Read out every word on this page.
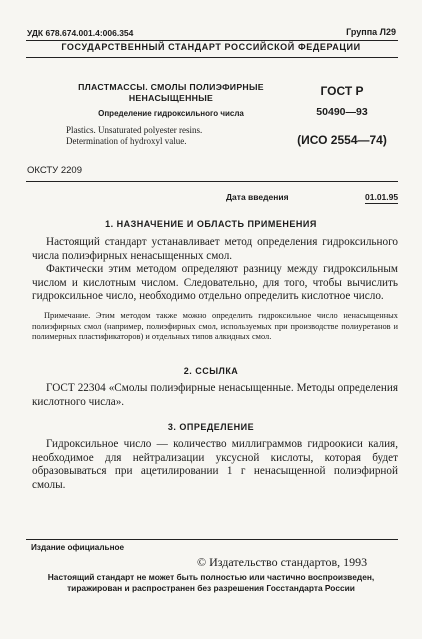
УДК 678.674.001.4:006.354	Группа Л29
ГОСУДАРСТВЕННЫЙ СТАНДАРТ РОССИЙСКОЙ ФЕДЕРАЦИИ
ПЛАСТМАССЫ. СМОЛЫ ПОЛИЭФИРНЫЕ
НЕНАСЫЩЕННЫЕ
Определение гидроксильного числа
Plastics. Unsaturated polyester resins.
Determination of hydroxyl value.
ГОСТ Р
50490—93
(ИСО 2554—74)
ОКСТУ 2209
Дата введения	01.01.95
1. НАЗНАЧЕНИЕ И ОБЛАСТЬ ПРИМЕНЕНИЯ
Настоящий стандарт устанавливает метод определения гидроксильного числа полиэфирных ненасыщенных смол.
Фактически этим методом определяют разницу между гидроксильным числом и кислотным числом. Следовательно, для того, чтобы вычислить гидроксильное число, необходимо отдельно определить кислотное число.
Примечание. Этим методом также можно определить гидроксильное число ненасыщенных полиэфирных смол (например, полиэфирных смол, используемых при производстве полиуретанов и полимерных пластификаторов) и отдельных типов алкидных смол.
2. ССЫЛКА
ГОСТ 22304 «Смолы полиэфирные ненасыщенные. Методы определения кислотного числа».
3. ОПРЕДЕЛЕНИЕ
Гидроксильное число — количество миллиграммов гидроокиси калия, необходимое для нейтрализации уксусной кислоты, которая будет образовываться при ацетилировании 1 г ненасыщенной полиэфирной смолы.
Издание официальное
© Издательство стандартов, 1993
Настоящий стандарт не может быть полностью или частично воспроизведен,
тиражирован и распространен без разрешения Госстандарта России
